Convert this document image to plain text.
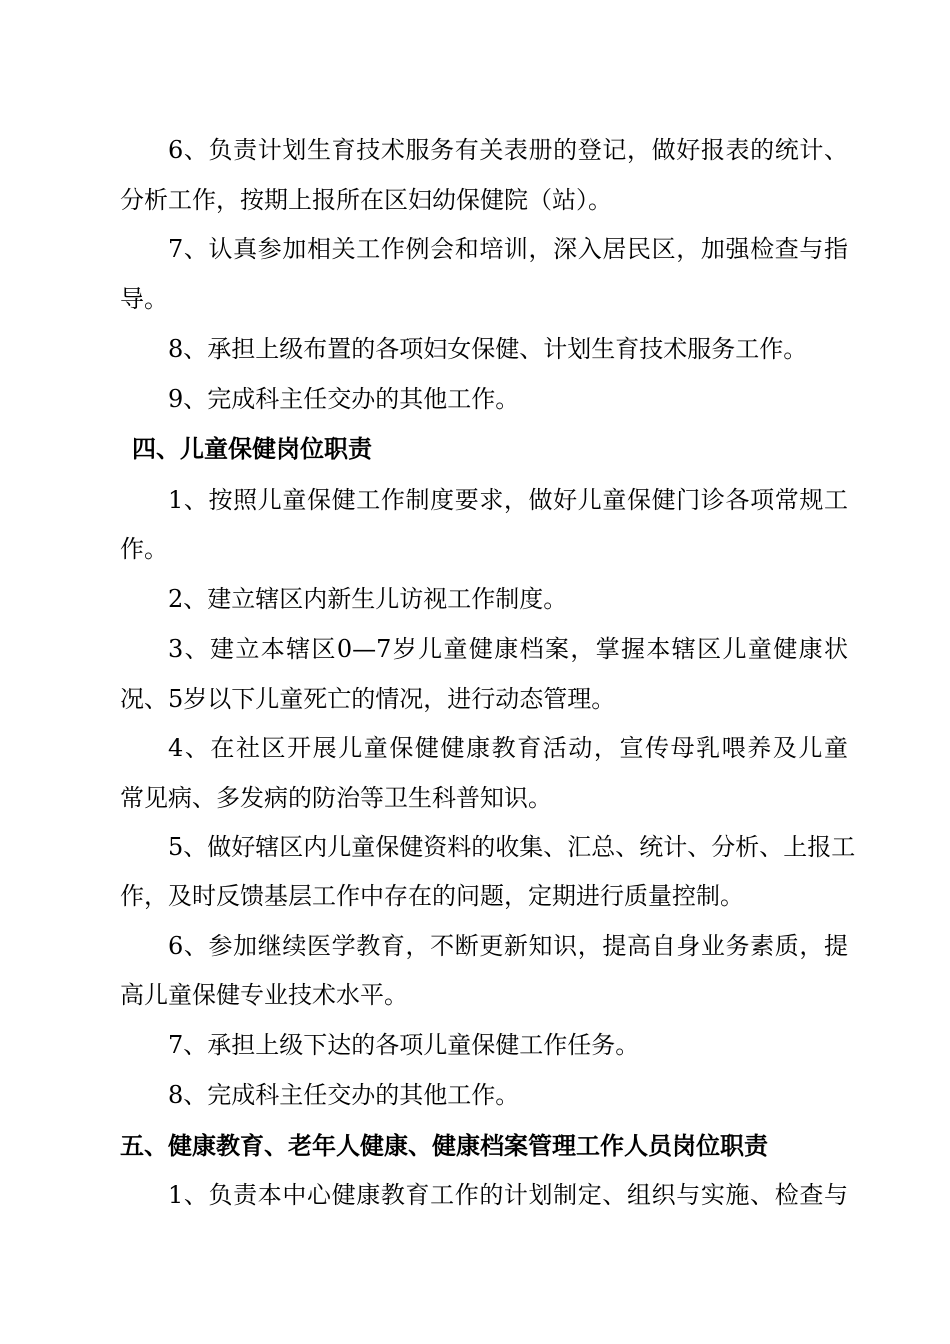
6、负责计划生育技术服务有关表册的登记，做好报表的统计、
分析工作，按期上报所在区妇幼保健院（站）。
7、认真参加相关工作例会和培训，深入居民区，加强检查与指
导。
8、承担上级布置的各项妇女保健、计划生育技术服务工作。
9、完成科主任交办的其他工作。
四、儿童保健岗位职责
1、按照儿童保健工作制度要求，做好儿童保健门诊各项常规工
作。
2、建立辖区内新生儿访视工作制度。
3、建立本辖区0—7岁儿童健康档案，掌握本辖区儿童健康状
况、5岁以下儿童死亡的情况，进行动态管理。
4、在社区开展儿童保健健康教育活动，宣传母乳喂养及儿童
常见病、多发病的防治等卫生科普知识。
5、做好辖区内儿童保健资料的收集、汇总、统计、分析、上报工
作，及时反馈基层工作中存在的问题，定期进行质量控制。
6、参加继续医学教育，不断更新知识，提高自身业务素质，提
高儿童保健专业技术水平。
7、承担上级下达的各项儿童保健工作任务。
8、完成科主任交办的其他工作。
五、健康教育、老年人健康、健康档案管理工作人员岗位职责
1、负责本中心健康教育工作的计划制定、组织与实施、检查与
